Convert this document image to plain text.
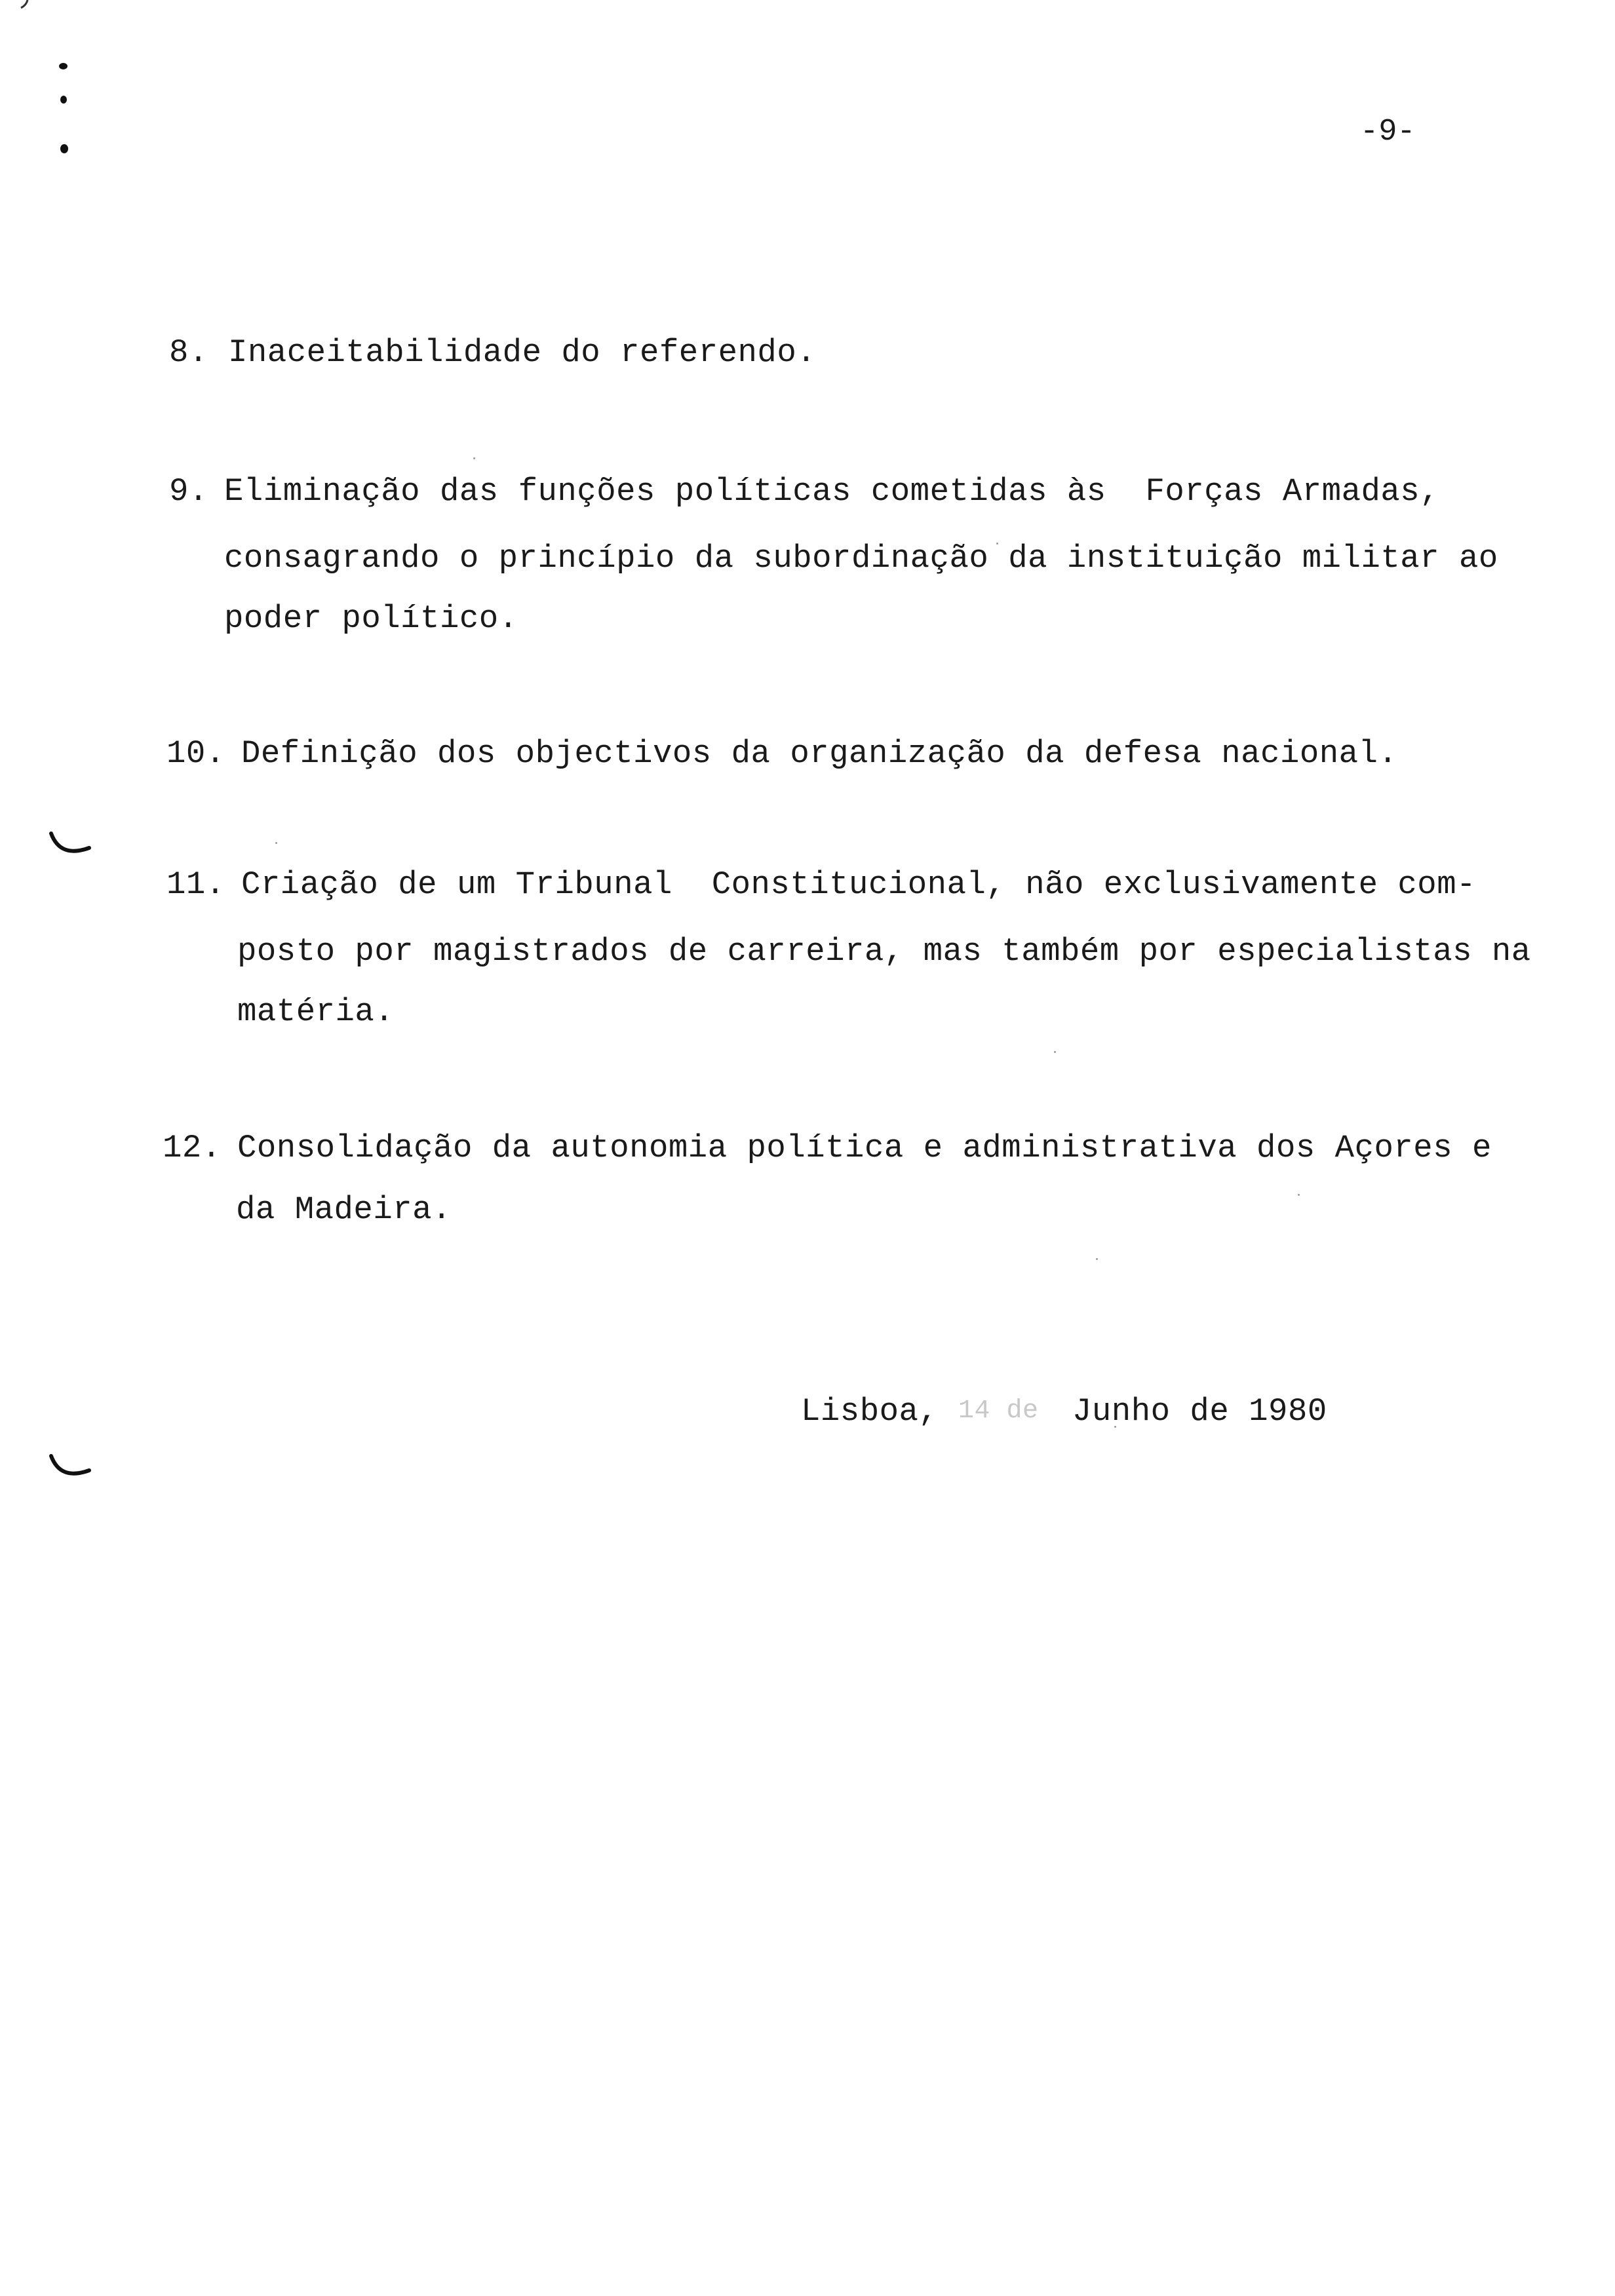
-9-
8. Inaceitabilidade do referendo.
9. Eliminação das funções políticas cometidas às  Forças Armadas,
consagrando o princípio da subordinação da instituição militar ao
poder político.
10. Definição dos objectivos da organização da defesa nacional.
11. Criação de um Tribunal  Constitucional, não exclusivamente com-
posto por magistrados de carreira, mas também por especialistas na
matéria.
12. Consolidação da autonomia política e administrativa dos Açores e
da Madeira.
Lisboa, 14 de Junho de 1980
